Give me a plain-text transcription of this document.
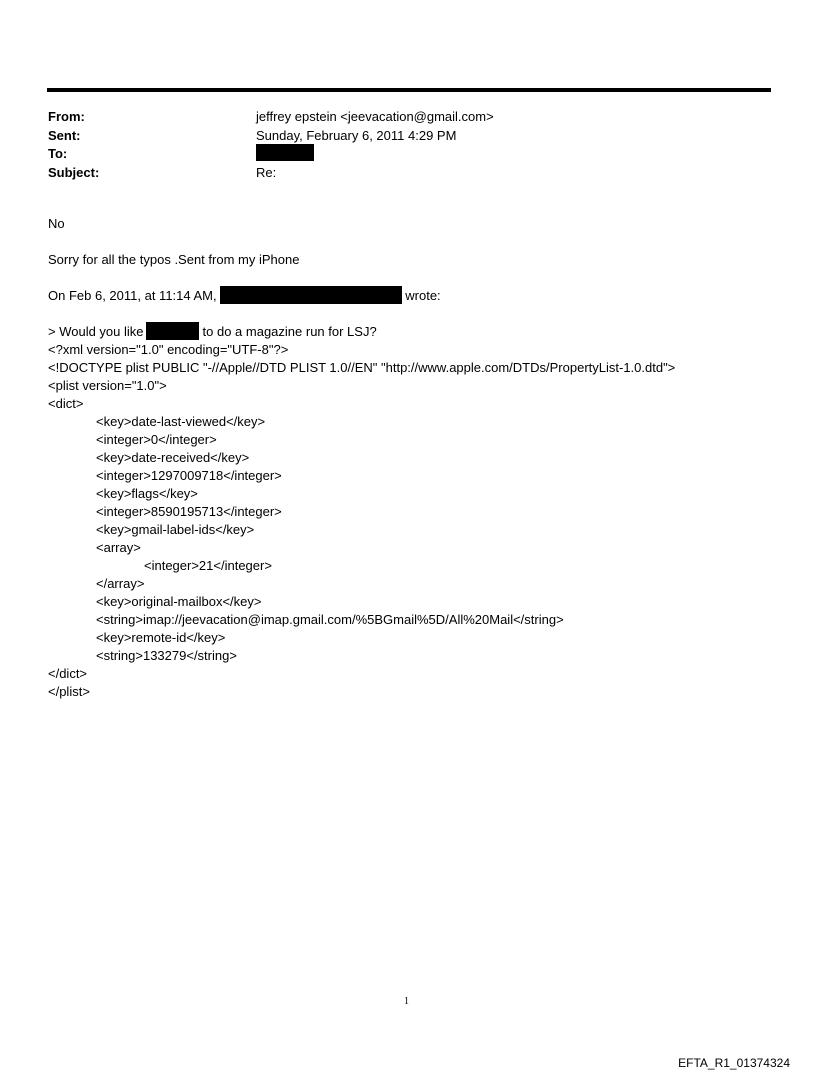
From:	jeffrey epstein <jeevacation@gmail.com>
Sent:	Sunday, February 6, 2011 4:29 PM
To:
Subject:	Re:
No
Sorry for all the typos .Sent from my iPhone
On Feb 6, 2011, at 11:14 AM,	wrote:
> Would you like	to do a magazine run for LSJ?
<?xml version="1.0" encoding="UTF-8"?>
<!DOCTYPE plist PUBLIC "-//Apple//DTD PLIST 1.0//EN" "http://www.apple.com/DTDs/PropertyList-1.0.dtd">
<plist version="1.0">
<dict>
<key>date-last-viewed</key>
<integer>0</integer>
<key>date-received</key>
<integer>1297009718</integer>
<key>flags</key>
<integer>8590195713</integer>
<key>gmail-label-ids</key>
<array>
<integer>21</integer>
</array>
<key>original-mailbox</key>
<string>imap://jeevacation@imap.gmail.com/%5BGmail%5D/All%20Mail</string>
<key>remote-id</key>
<string>133279</string>
</dict>
</plist>
1
EFTA_R1_01374324
